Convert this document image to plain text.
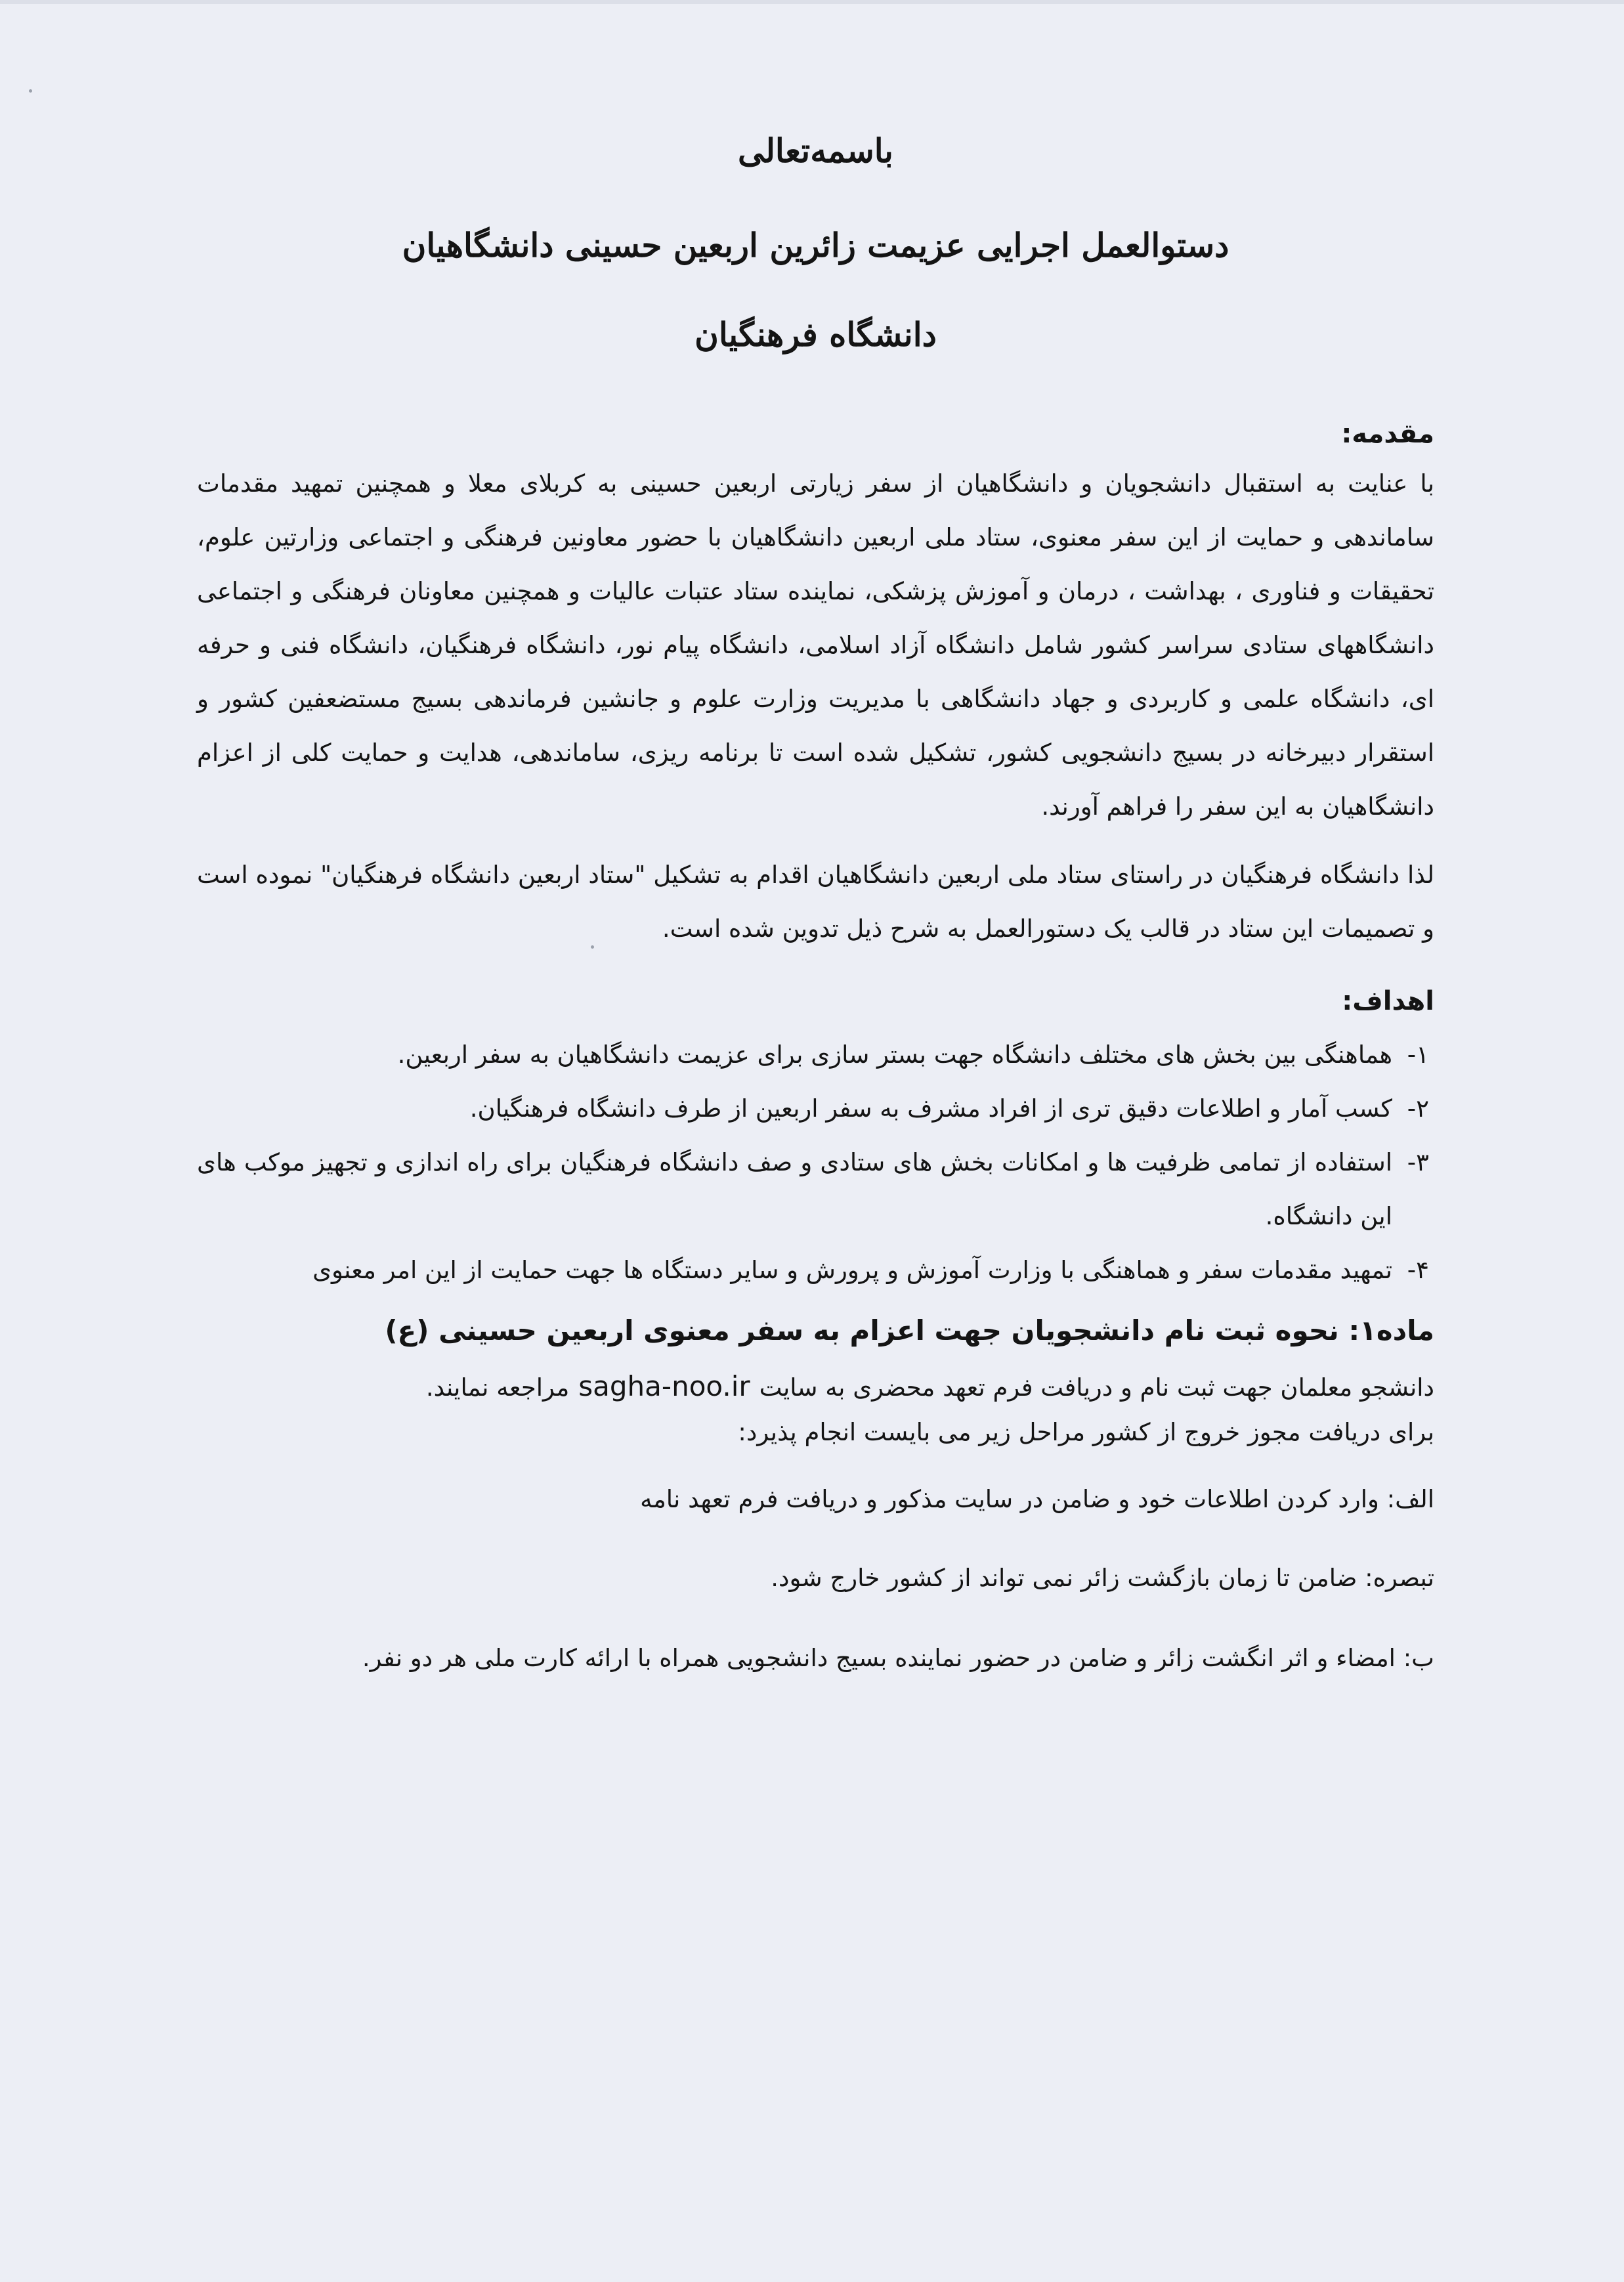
باسمه‌تعالی

دستوالعمل اجرایی عزیمت زائرین اربعین حسینی دانشگاهیان

دانشگاه فرهنگیان

مقدمه:

با عنایت به استقبال دانشجویان و دانشگاهیان از سفر زیارتی اربعین حسینی به کربلای معلا و همچنین تمهید مقدمات ساماندهی و حمایت از این سفر معنوی، ستاد ملی اربعین دانشگاهیان با حضور معاونین فرهنگی و اجتماعی وزارتین علوم، تحقیقات و فناوری ، بهداشت ، درمان و آموزش پزشکی، نماینده ستاد عتبات عالیات و همچنین معاونان فرهنگی و اجتماعی دانشگاههای ستادی سراسر کشور شامل دانشگاه آزاد اسلامی، دانشگاه پیام نور، دانشگاه فرهنگیان، دانشگاه فنی و حرفه ای، دانشگاه علمی و کاربردی و جهاد دانشگاهی با مدیریت وزارت علوم و جانشین فرماندهی بسیج مستضعفین کشور و استقرار دبیرخانه در بسیج دانشجویی کشور، تشکیل شده است تا برنامه ریزی، ساماندهی، هدایت و حمایت کلی از اعزام دانشگاهیان به این سفر را فراهم آورند.

لذا دانشگاه فرهنگیان در راستای ستاد ملی اربعین دانشگاهیان اقدام به تشکیل "ستاد اربعین دانشگاه فرهنگیان" نموده است و تصمیمات این ستاد در قالب یک دستورالعمل به شرح ذیل تدوین شده است.

اهداف:

۱-
هماهنگی بین بخش های مختلف دانشگاه جهت بستر سازی برای عزیمت دانشگاهیان به سفر اربعین.
۲-
کسب آمار و اطلاعات دقیق تری از افراد مشرف به سفر اربعین از طرف دانشگاه فرهنگیان.
۳-
استفاده از تمامی ظرفیت ها و امکانات بخش های ستادی و صف دانشگاه فرهنگیان برای راه اندازی و تجهیز موکب های این دانشگاه.
۴-
تمهید مقدمات سفر و هماهنگی با وزارت آموزش و پرورش و سایر دستگاه ها جهت حمایت از این امر معنوی

ماده۱: نحوه ثبت نام دانشجویان جهت اعزام به سفر معنوی اربعین حسینی (ع)

دانشجو معلمان جهت ثبت نام و دریافت فرم تعهد محضری به سایتsagha-noo.irمراجعه نمایند.

برای دریافت مجوز خروج از کشور مراحل زیر می بایست انجام پذیرد:

الف: وارد کردن اطلاعات خود و ضامن در سایت مذکور و دریافت فرم تعهد نامه

تبصره: ضامن تا زمان بازگشت زائر نمی تواند از کشور خارج شود.

ب: امضاء و اثر انگشت زائر و ضامن در حضور نماینده بسیج دانشجویی همراه با ارائه کارت ملی هر دو نفر.
